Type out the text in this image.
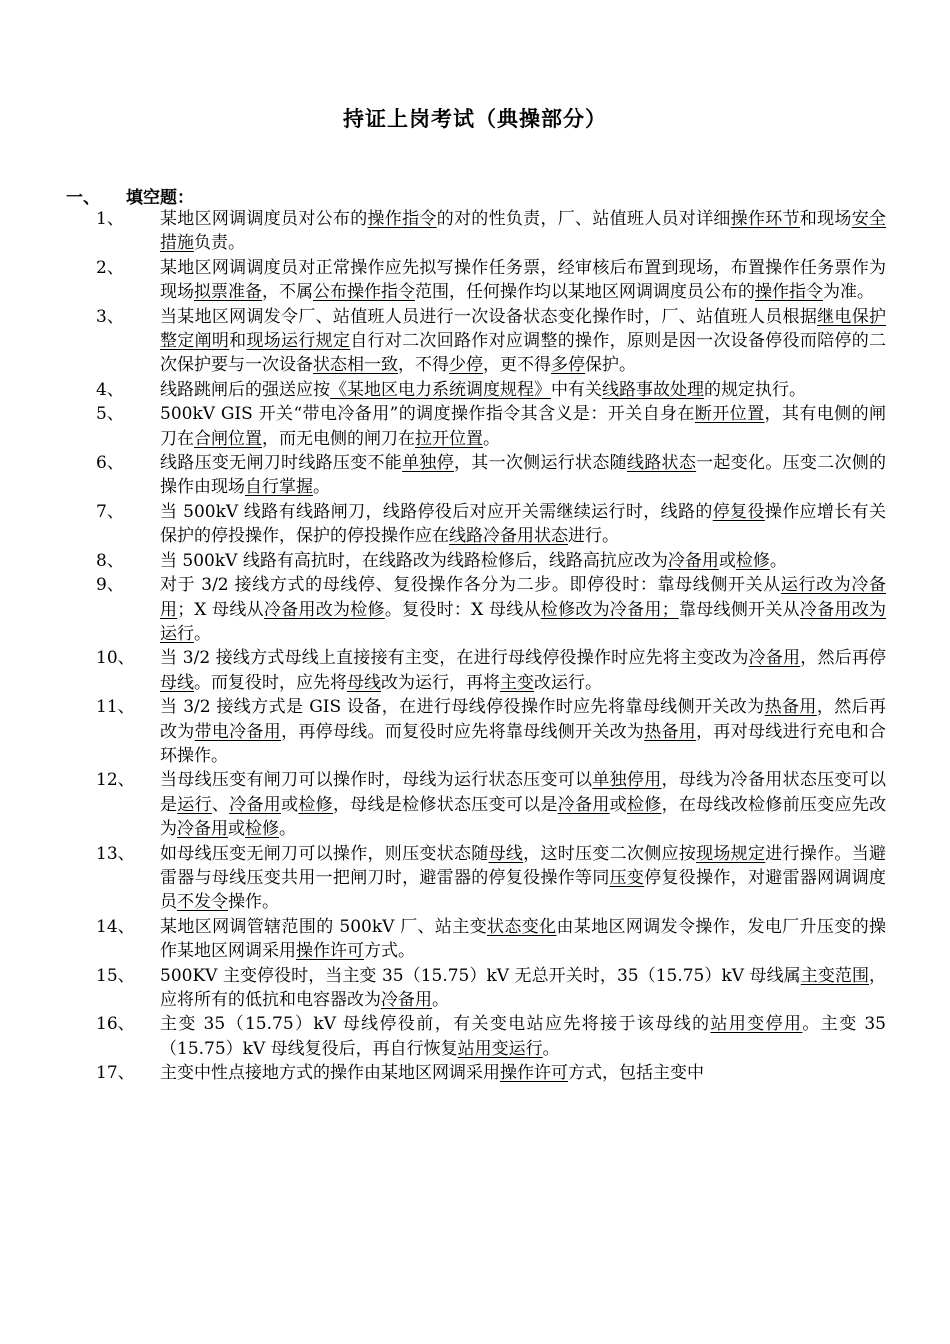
持证上岗考试（典操部分）
一、 填空题：
1、	某地区网调调度员对公布的操作指令的对的性负责，厂、站值班人员对详细操作环节和现场安全措施负责。
2、	某地区网调调度员对正常操作应先拟写操作任务票，经审核后布置到现场，布置操作任务票作为现场拟票准备，不属公布操作指令范围，任何操作均以某地区网调调度员公布的操作指令为准。
3、	当某地区网调发令厂、站值班人员进行一次设备状态变化操作时，厂、站值班人员根据继电保护整定阐明和现场运行规定自行对二次回路作对应调整的操作，原则是因一次设备停役而陪停的二次保护要与一次设备状态相一致，不得少停，更不得多停保护。
4、	线路跳闸后的强送应按《某地区电力系统调度规程》中有关线路事故处理的规定执行。
5、	500kV GIS 开关“带电冷备用”的调度操作指令其含义是：开关自身在断开位置，其有电侧的闸刀在合闸位置，而无电侧的闸刀在拉开位置。
6、	线路压变无闸刀时线路压变不能单独停，其一次侧运行状态随线路状态一起变化。压变二次侧的操作由现场自行掌握。
7、	当 500kV 线路有线路闸刀，线路停役后对应开关需继续运行时，线路的停复役操作应增长有关保护的停投操作，保护的停投操作应在线路冷备用状态进行。
8、	当 500kV 线路有高抗时，在线路改为线路检修后，线路高抗应改为冷备用或检修。
9、	对于 3/2 接线方式的母线停、复役操作各分为二步。即停役时：靠母线侧开关从运行改为冷备用；X 母线从冷备用改为检修。复役时：X 母线从检修改为冷备用；靠母线侧开关从冷备用改为运行。
10、	当 3/2 接线方式母线上直接接有主变，在进行母线停役操作时应先将主变改为冷备用，然后再停母线。而复役时，应先将母线改为运行，再将主变改运行。
11、	当 3/2 接线方式是 GIS 设备，在进行母线停役操作时应先将靠母线侧开关改为热备用，然后再改为带电冷备用，再停母线。而复役时应先将靠母线侧开关改为热备用，再对母线进行充电和合环操作。
12、	当母线压变有闸刀可以操作时，母线为运行状态压变可以单独停用，母线为冷备用状态压变可以是运行、冷备用或检修，母线是检修状态压变可以是冷备用或检修，在母线改检修前压变应先改为冷备用或检修。
13、	如母线压变无闸刀可以操作，则压变状态随母线，这时压变二次侧应按现场规定进行操作。当避雷器与母线压变共用一把闸刀时，避雷器的停复役操作等同压变停复役操作，对避雷器网调调度员不发令操作。
14、	某地区网调管辖范围的 500kV 厂、站主变状态变化由某地区网调发令操作，发电厂升压变的操作某地区网调采用操作许可方式。
15、	500KV 主变停役时，当主变 35（15.75）kV 无总开关时，35（15.75）kV 母线属主变范围，应将所有的低抗和电容器改为冷备用。
16、	主变 35（15.75）kV 母线停役前，有关变电站应先将接于该母线的站用变停用。主变 35（15.75）kV 母线复役后，再自行恢复站用变运行。
17、	主变中性点接地方式的操作由某地区网调采用操作许可方式，包括主变中
